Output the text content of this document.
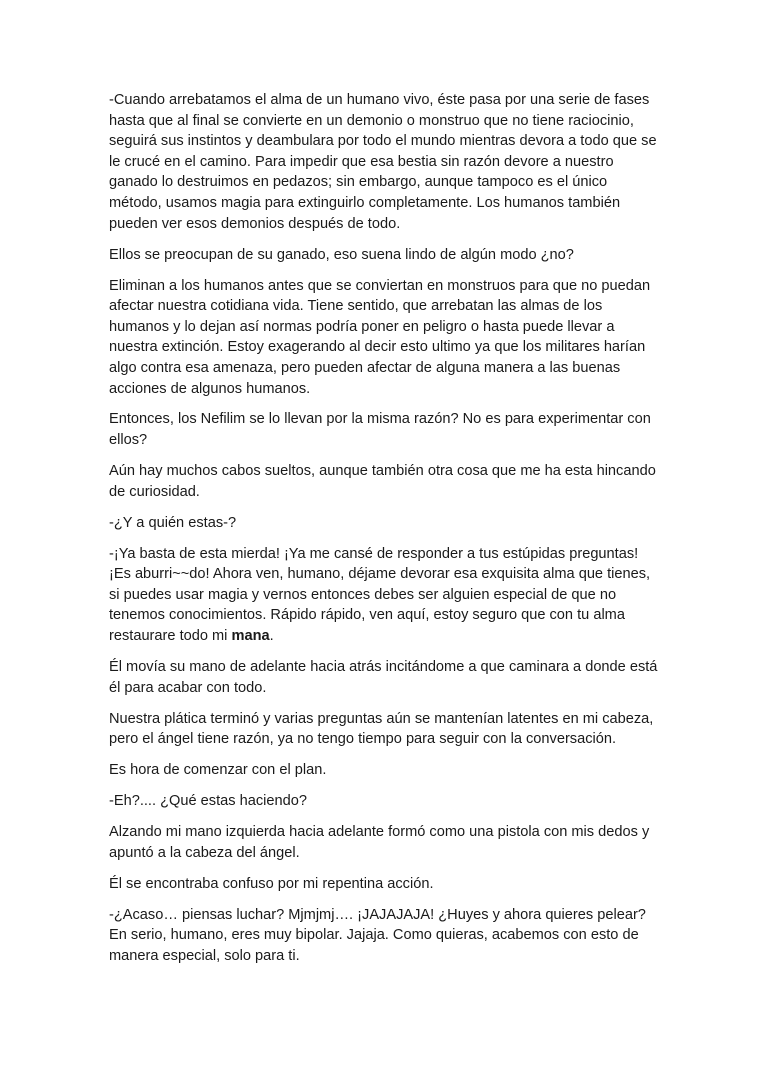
-Cuando arrebatamos el alma de un humano vivo, éste pasa por una serie de fases hasta que al final se convierte en un demonio o monstruo que no tiene raciocinio, seguirá sus instintos y deambulara por todo el mundo mientras devora a todo que se le crucé en el camino. Para impedir que esa bestia sin razón devore a nuestro ganado lo destruimos en pedazos; sin embargo, aunque tampoco es el único método, usamos magia para extinguirlo completamente. Los humanos también pueden ver esos demonios después de todo.

Ellos se preocupan de su ganado, eso suena lindo de algún modo ¿no?

Eliminan a los humanos antes que se conviertan en monstruos para que no puedan afectar nuestra cotidiana vida. Tiene sentido, que arrebatan las almas de los humanos y lo dejan así normas podría poner en peligro o hasta puede llevar a nuestra extinción. Estoy exagerando al decir esto ultimo ya que los militares harían algo contra esa amenaza, pero pueden afectar de alguna manera a las buenas acciones de algunos humanos.

Entonces, los Nefilim se lo llevan por la misma razón? No es para experimentar con ellos?

Aún hay muchos cabos sueltos, aunque también otra cosa que me ha esta hincando de curiosidad.

-¿Y a quién estas-?

-¡Ya basta de esta mierda! ¡Ya me cansé de responder a tus estúpidas preguntas! ¡Es aburri~~do! Ahora ven, humano, déjame devorar esa exquisita alma que tienes, si puedes usar magia y vernos entonces debes ser alguien especial de que no tenemos conocimientos. Rápido rápido, ven aquí, estoy seguro que con tu alma restaurare todo mi mana.

Él movía su mano de adelante hacia atrás incitándome a que caminara a donde está él para acabar con todo.

Nuestra plática terminó y varias preguntas aún se mantenían latentes en mi cabeza, pero el ángel tiene razón, ya no tengo tiempo para seguir con la conversación.

Es hora de comenzar con el plan.

-Eh?.... ¿Qué estas haciendo?

Alzando mi mano izquierda hacia adelante formó como una pistola con mis dedos y apuntó a la cabeza del ángel.

Él se encontraba confuso por mi repentina acción.

-¿Acaso… piensas luchar? Mjmjmj…. ¡JAJAJAJA! ¿Huyes y ahora quieres pelear? En serio, humano, eres muy bipolar. Jajaja. Como quieras, acabemos con esto de manera especial, solo para ti.
